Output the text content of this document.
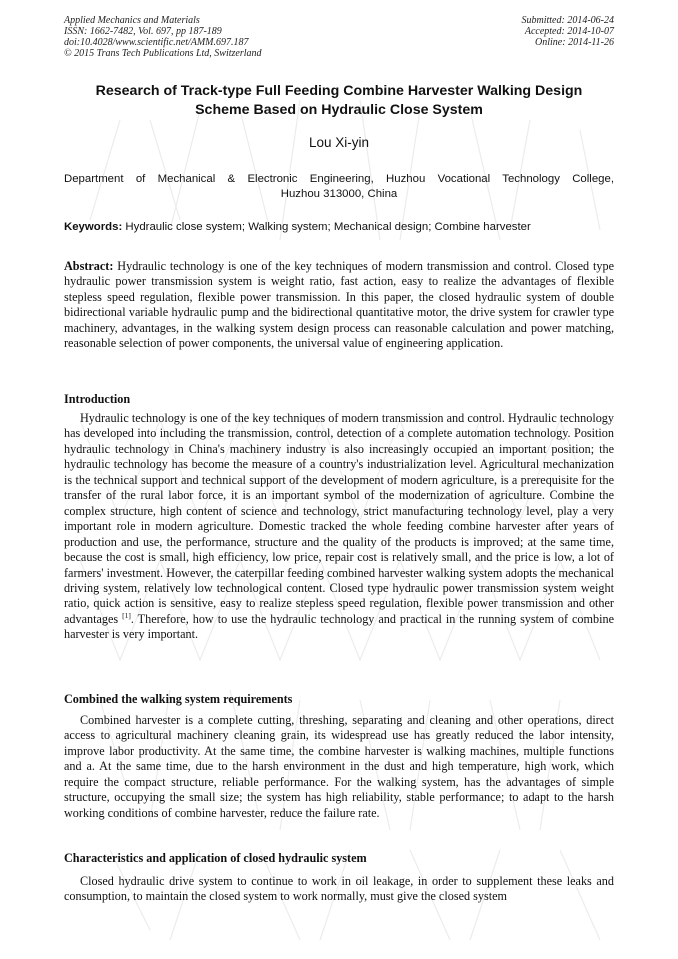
Applied Mechanics and Materials
ISSN: 1662-7482, Vol. 697, pp 187-189
doi:10.4028/www.scientific.net/AMM.697.187
© 2015 Trans Tech Publications Ltd, Switzerland
Submitted: 2014-06-24
Accepted: 2014-10-07
Online: 2014-11-26
Research of Track-type Full Feeding Combine Harvester Walking Design
Scheme Based on Hydraulic Close System
Lou Xi-yin
Department of Mechanical & Electronic Engineering, Huzhou Vocational Technology College,
Huzhou 313000, China
Keywords: Hydraulic close system; Walking system; Mechanical design; Combine harvester
Abstract: Hydraulic technology is one of the key techniques of modern transmission and control. Closed type hydraulic power transmission system is weight ratio, fast action, easy to realize the advantages of flexible stepless speed regulation, flexible power transmission. In this paper, the closed hydraulic system of double bidirectional variable hydraulic pump and the bidirectional quantitative motor, the drive system for crawler type machinery, advantages, in the walking system design process can reasonable calculation and power matching, reasonable selection of power components, the universal value of engineering application.
Introduction
Hydraulic technology is one of the key techniques of modern transmission and control. Hydraulic technology has developed into including the transmission, control, detection of a complete automation technology. Position hydraulic technology in China's machinery industry is also increasingly occupied an important position; the hydraulic technology has become the measure of a country's industrialization level. Agricultural mechanization is the technical support and technical support of the development of modern agriculture, is a prerequisite for the transfer of the rural labor force, it is an important symbol of the modernization of agriculture. Combine the complex structure, high content of science and technology, strict manufacturing technology level, play a very important role in modern agriculture. Domestic tracked the whole feeding combine harvester after years of production and use, the performance, structure and the quality of the products is improved; at the same time, because the cost is small, high efficiency, low price, repair cost is relatively small, and the price is low, a lot of farmers' investment. However, the caterpillar feeding combined harvester walking system adopts the mechanical driving system, relatively low technological content. Closed type hydraulic power transmission system weight ratio, quick action is sensitive, easy to realize stepless speed regulation, flexible power transmission and other advantages [1]. Therefore, how to use the hydraulic technology and practical in the running system of combine harvester is very important.
Combined the walking system requirements
Combined harvester is a complete cutting, threshing, separating and cleaning and other operations, direct access to agricultural machinery cleaning grain, its widespread use has greatly reduced the labor intensity, improve labor productivity. At the same time, the combine harvester is walking machines, multiple functions and a. At the same time, due to the harsh environment in the dust and high temperature, high work, which require the compact structure, reliable performance. For the walking system, has the advantages of simple structure, occupying the small size; the system has high reliability, stable performance; to adapt to the harsh working conditions of combine harvester, reduce the failure rate.
Characteristics and application of closed hydraulic system
Closed hydraulic drive system to continue to work in oil leakage, in order to supplement these leaks and consumption, to maintain the closed system to work normally, must give the closed system
